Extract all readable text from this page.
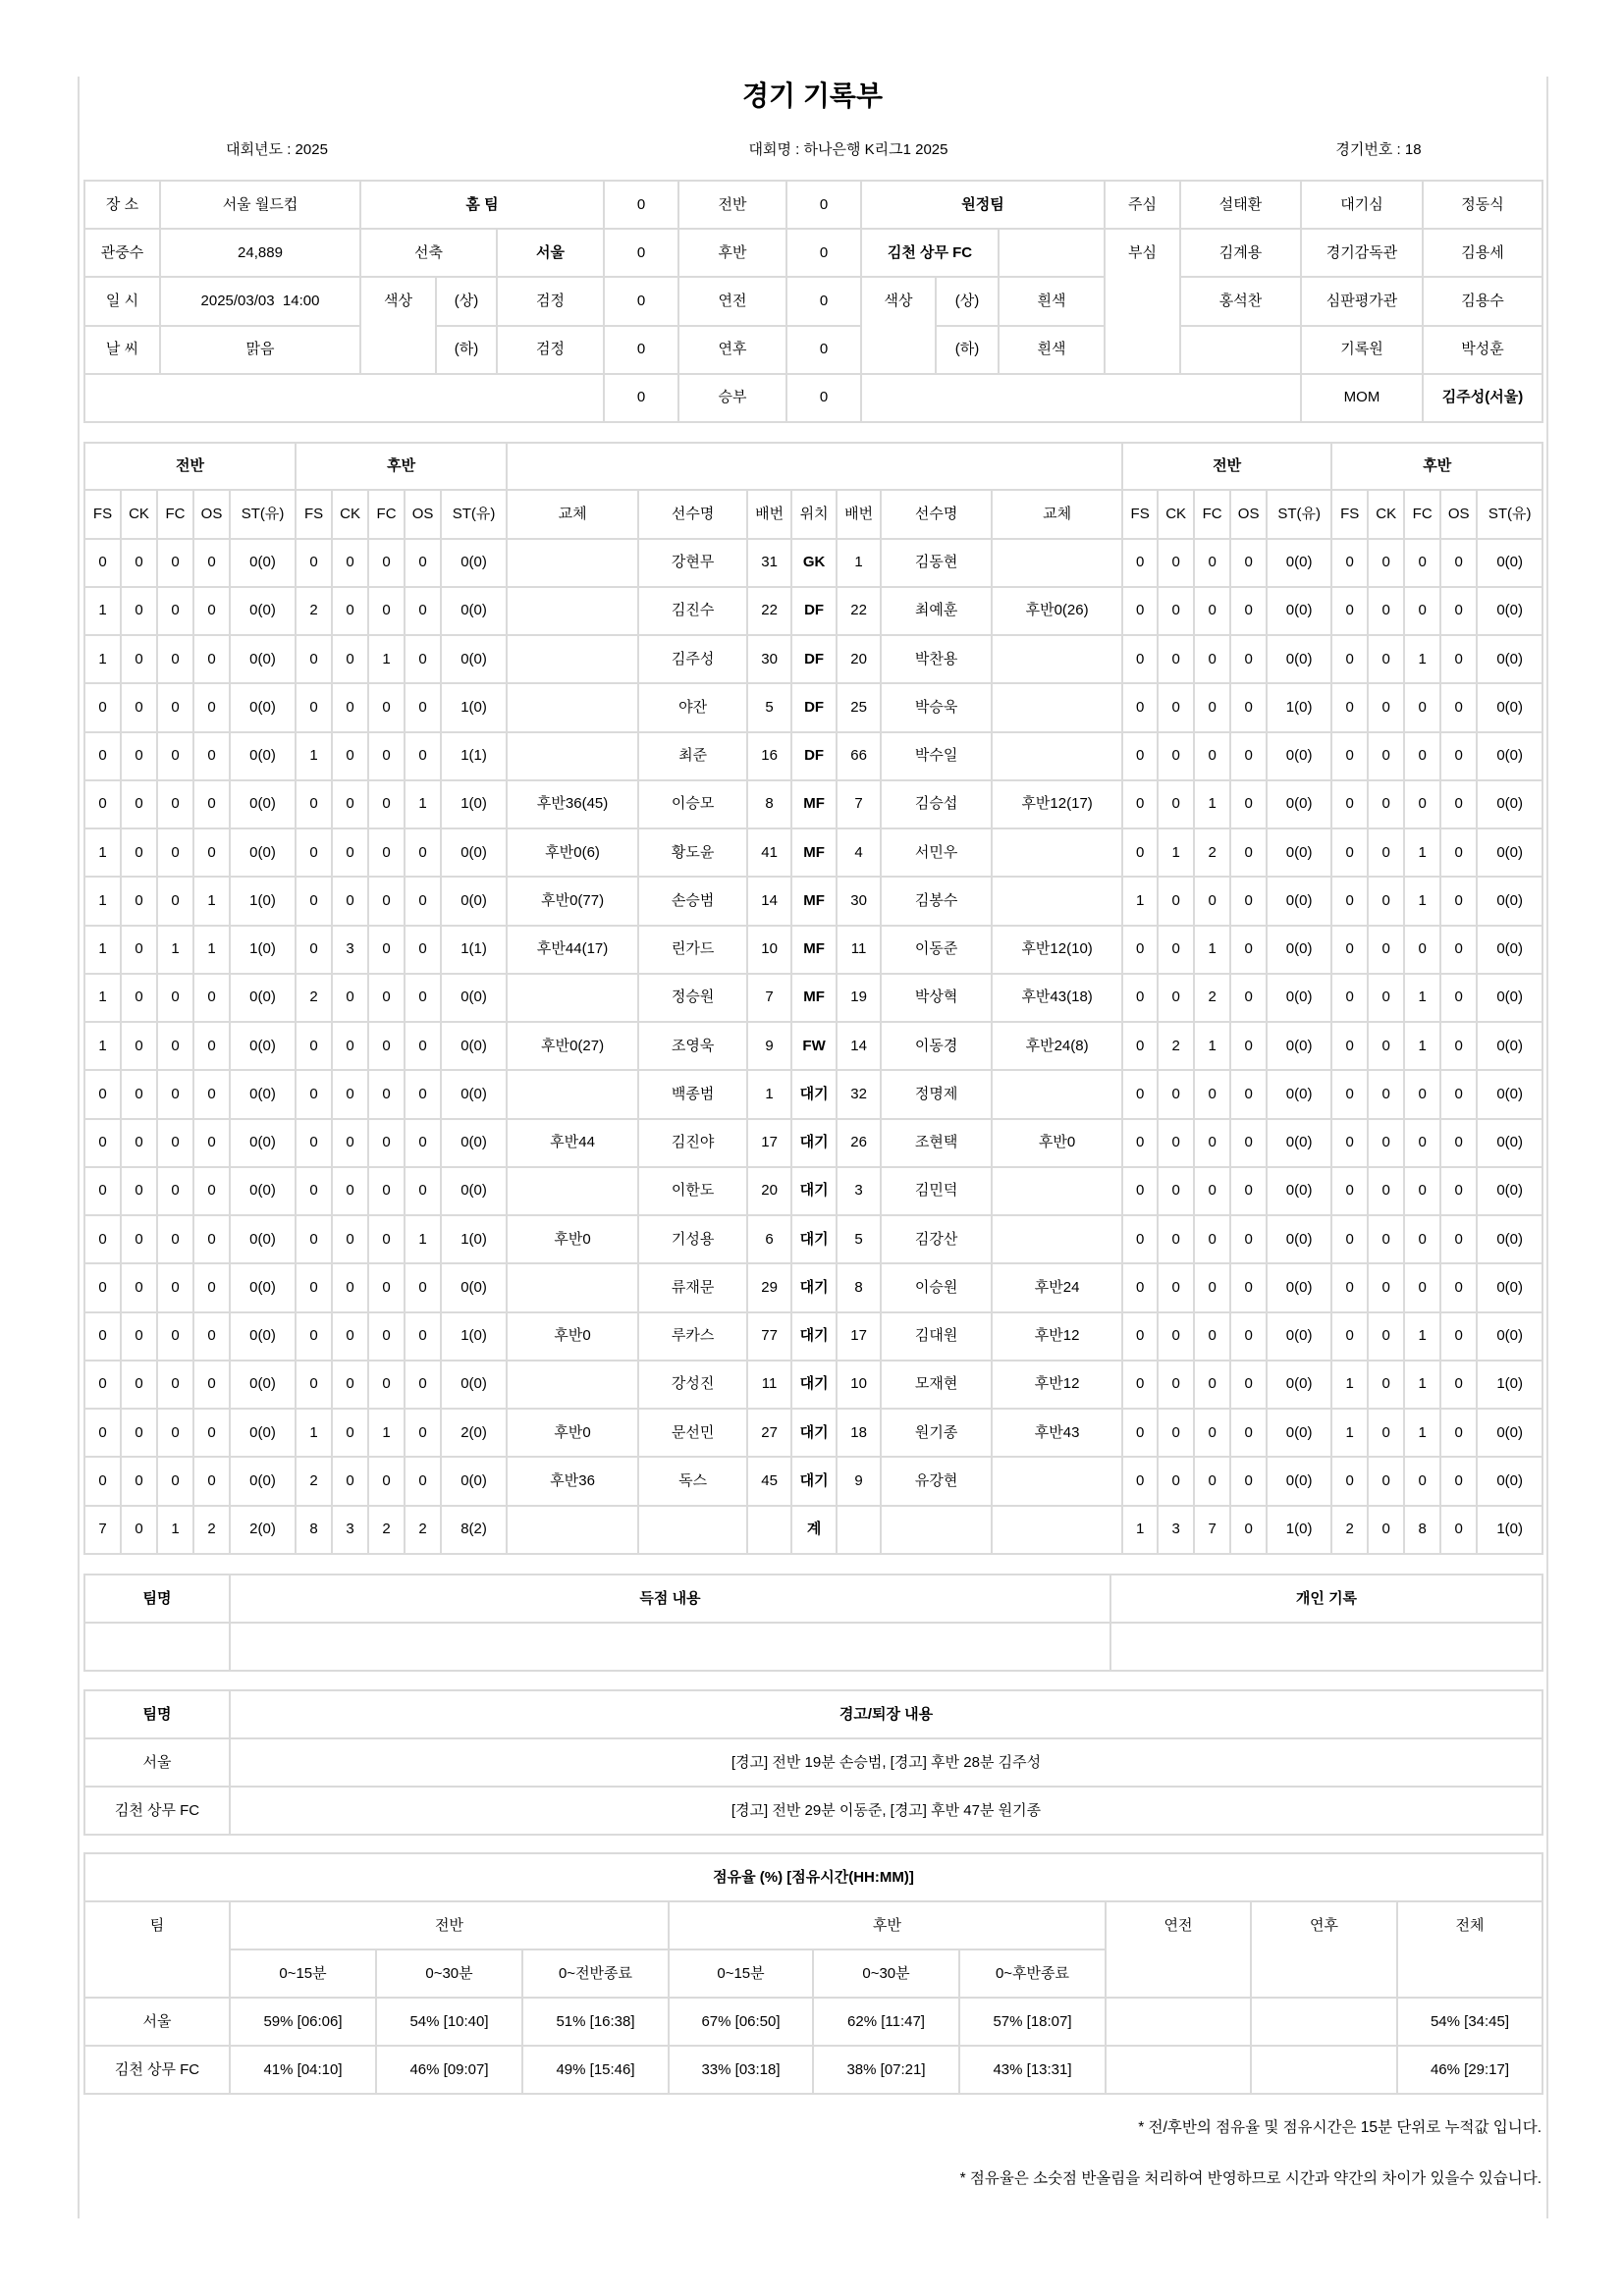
경기 기록부
대회년도 : 2025	대회명 : 하나은행 K리그1 2025	경기번호 : 18
장 소	서울 월드컵	홈 팀			0	전반	0	원정팀			주심	설태환	대기심	정동식
관중수	24,889	선축		서울	0	후반	0	김천 상무 FC			부심	김계용	경기감독관	김용세
일 시	2025/03/03  14:00	색상	(상)	검정	0	연전	0	색상	(상)	흰색		홍석찬	심판평가관	김용수
날 씨	맑음		(하)	검정	0	연후	0		(하)	흰색			기록원	박성훈
					0	승부	0						MOM	김주성(서울)
전반					후반												전반					후반				
FS	CK	FC	OS	ST(유)	FS	CK	FC	OS	ST(유)	교체	선수명	배번	위치	배번	선수명	교체	FS	CK	FC	OS	ST(유)	FS	CK	FC	OS	ST(유)
0	0	0	0	0(0)	0	0	0	0	0(0)		강현무	31	GK	1	김동현		0	0	0	0	0(0)	0	0	0	0	0(0)
1	0	0	0	0(0)	2	0	0	0	0(0)		김진수	22	DF	22	최예훈	후반0(26)	0	0	0	0	0(0)	0	0	0	0	0(0)
1	0	0	0	0(0)	0	0	1	0	0(0)		김주성	30	DF	20	박찬용		0	0	0	0	0(0)	0	0	1	0	0(0)
0	0	0	0	0(0)	0	0	0	0	1(0)		야잔	5	DF	25	박승욱		0	0	0	0	1(0)	0	0	0	0	0(0)
0	0	0	0	0(0)	1	0	0	0	1(1)		최준	16	DF	66	박수일		0	0	0	0	0(0)	0	0	0	0	0(0)
0	0	0	0	0(0)	0	0	0	1	1(0)	후반36(45)	이승모	8	MF	7	김승섭	후반12(17)	0	0	1	0	0(0)	0	0	0	0	0(0)
1	0	0	0	0(0)	0	0	0	0	0(0)	후반0(6)	황도윤	41	MF	4	서민우		0	1	2	0	0(0)	0	0	1	0	0(0)
1	0	0	1	1(0)	0	0	0	0	0(0)	후반0(77)	손승범	14	MF	30	김봉수		1	0	0	0	0(0)	0	0	1	0	0(0)
1	0	1	1	1(0)	0	3	0	0	1(1)	후반44(17)	린가드	10	MF	11	이동준	후반12(10)	0	0	1	0	0(0)	0	0	0	0	0(0)
1	0	0	0	0(0)	2	0	0	0	0(0)		정승원	7	MF	19	박상혁	후반43(18)	0	0	2	0	0(0)	0	0	1	0	0(0)
1	0	0	0	0(0)	0	0	0	0	0(0)	후반0(27)	조영욱	9	FW	14	이동경	후반24(8)	0	2	1	0	0(0)	0	0	1	0	0(0)
0	0	0	0	0(0)	0	0	0	0	0(0)		백종범	1	대기	32	정명제		0	0	0	0	0(0)	0	0	0	0	0(0)
0	0	0	0	0(0)	0	0	0	0	0(0)	후반44	김진야	17	대기	26	조현택	후반0	0	0	0	0	0(0)	0	0	0	0	0(0)
0	0	0	0	0(0)	0	0	0	0	0(0)		이한도	20	대기	3	김민덕		0	0	0	0	0(0)	0	0	0	0	0(0)
0	0	0	0	0(0)	0	0	0	1	1(0)	후반0	기성용	6	대기	5	김강산		0	0	0	0	0(0)	0	0	0	0	0(0)
0	0	0	0	0(0)	0	0	0	0	0(0)		류재문	29	대기	8	이승원	후반24	0	0	0	0	0(0)	0	0	0	0	0(0)
0	0	0	0	0(0)	0	0	0	0	1(0)	후반0	루카스	77	대기	17	김대원	후반12	0	0	0	0	0(0)	0	0	1	0	0(0)
0	0	0	0	0(0)	0	0	0	0	0(0)		강성진	11	대기	10	모재현	후반12	0	0	0	0	0(0)	1	0	1	0	1(0)
0	0	0	0	0(0)	1	0	1	0	2(0)	후반0	문선민	27	대기	18	원기종	후반43	0	0	0	0	0(0)	1	0	1	0	0(0)
0	0	0	0	0(0)	2	0	0	0	0(0)	후반36	독스	45	대기	9	유강현		0	0	0	0	0(0)	0	0	0	0	0(0)
7	0	1	2	2(0)	8	3	2	2	8(2)				계				1	3	7	0	1(0)	2	0	8	0	1(0)
팀명	득점 내용	개인 기록

팀명	경고/퇴장 내용
서울	[경고] 전반 19분 손승범, [경고] 후반 28분 김주성
김천 상무 FC	[경고] 전반 29분 이동준, [경고] 후반 47분 원기종
점유율 (%) [점유시간(HH:MM)]									
팀	전반			후반			연전	연후	전체
	0~15분	0~30분	0~전반종료	0~15분	0~30분	0~후반종료			
서울	59% [06:06]	54% [10:40]	51% [16:38]	67% [06:50]	62% [11:47]	57% [18:07]			54% [34:45]
김천 상무 FC	41% [04:10]	46% [09:07]	49% [15:46]	33% [03:18]	38% [07:21]	43% [13:31]			46% [29:17]
* 전/후반의 점유율 및 점유시간은 15분 단위로 누적값 입니다.
* 점유율은 소숫점 반올림을 처리하여 반영하므로 시간과 약간의 차이가 있을수 있습니다.
